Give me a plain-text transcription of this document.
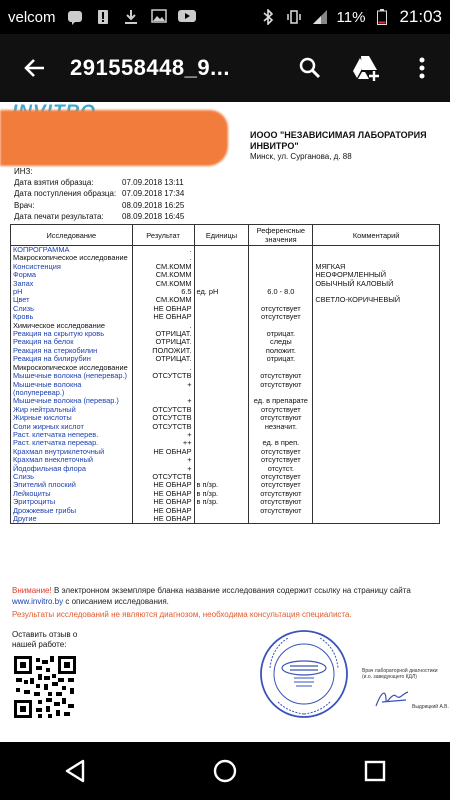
velcom	11% 21:03
291558448_9...
ИООО "НЕЗАВИСИМАЯ ЛАБОРАТОРИЯ ИНВИТРО"
Минск, ул. Сурганова, д. 88
ИНЗ:
Дата взятия образца:	07.09.2018 13:11
Дата поступления образца: 07.09.2018 17:34
Врач:	08.09.2018 16:25
Дата печати результата:	08.09.2018 16:45
Исследование	Результат	Единицы	Референсные значения	Комментарий
КОПРОГРАММА	.			
Макроскопическое исследование	.			
Консистенция	СМ.КОММ			МЯГКАЯ
Форма	СМ.КОММ			НЕОФОРМЛЕННЫЙ
Запах	СМ.КОММ			ОБЫЧНЫЙ КАЛОВЫЙ
pH	6.5	ед. pH	6.0 - 8.0	
Цвет	СМ.КОММ			СВЕТЛО-КОРИЧНЕВЫЙ
Слизь	НЕ ОБНАР		отсутствует	
Кровь	НЕ ОБНАР		отсутствует	
Химическое исследование	.			
Реакция на скрытую кровь	ОТРИЦАТ.		отрицат.	
Реакция на белок	ОТРИЦАТ.		следы	
Реакция на стеркобилин	ПОЛОЖИТ.		положит.	
Реакция на билирубин	ОТРИЦАТ.		отрицат.	
Микроскопическое исследование	.			
Мышечные волокна (неперевар.)	ОТСУТСТВ		отсутствуют	
Мышечные волокна (полуперевар.)	+		отсутствуют	
Мышечные волокна (перевар.)	+		ед. в препарате	
Жир нейтральный	ОТСУТСТВ		отсутствует	
Жирные кислоты	ОТСУТСТВ		отсутствуют	
Соли жирных кислот	ОТСУТСТВ		незначит.	
Раст. клетчатка неперев.	+			
Раст. клетчатка перевар.	++		ед. в преп.	
Крахмал внутриклеточный	НЕ ОБНАР		отсутствует	
Крахмал внеклеточный	+		отсутствует	
Йодофильная флора	+		отсутст.	
Слизь	ОТСУТСТВ		отсутствует	
Эпителий плоский	НЕ ОБНАР	в п/зр.	отсутствует	
Лейкоциты	НЕ ОБНАР	в п/зр.	отсутствуют	
Эритроциты	НЕ ОБНАР	в п/зр.	отсутствуют	
Дрожжевые грибы	НЕ ОБНАР		отсутствуют	
Другие	НЕ ОБНАР			
Внимание! В электронном экземпляре бланка название исследования содержит ссылку на страницу сайта www.invitro.by с описанием исследования.
Результаты исследований не являются диагнозом, необходима консультация специалиста.
Оставить отзыв о нашей работе:
Врач лабораторной диагностики (и.о. заведующего КДЛ)
Выдрицкий А.В.
